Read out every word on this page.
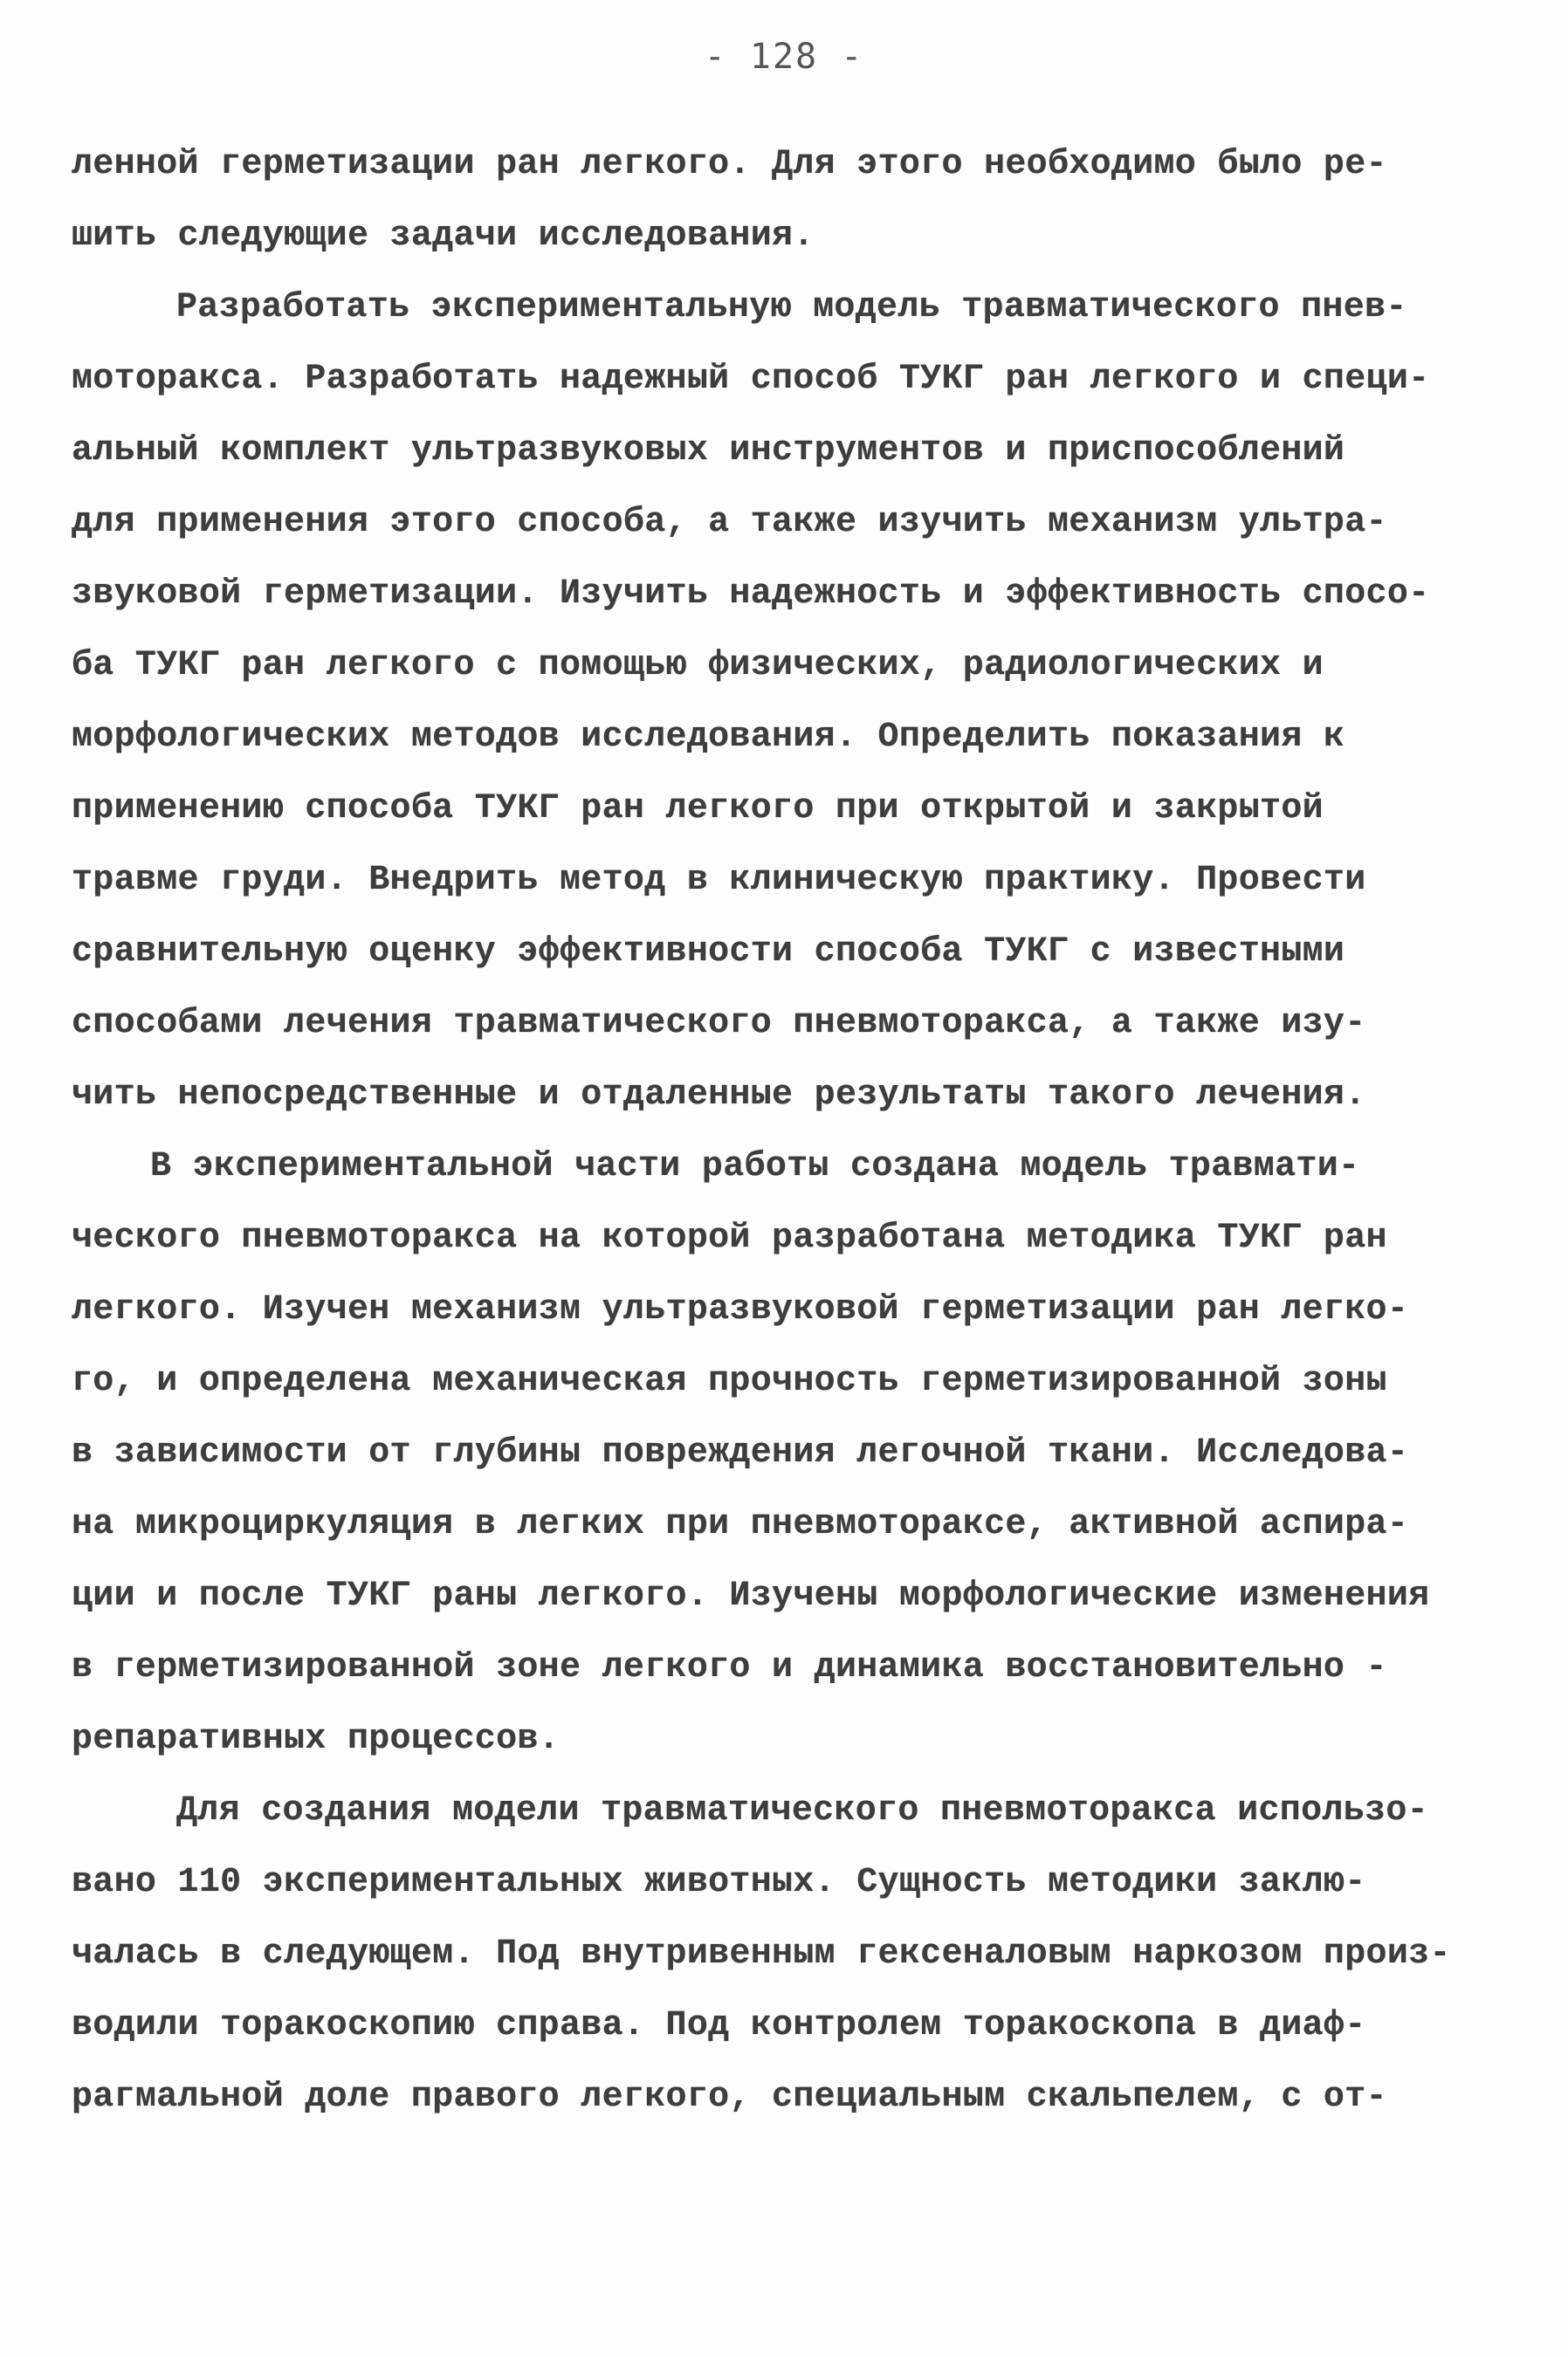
- 128 -
ленной герметизации ран легкого. Для этого необходимо было ре-
шить следующие задачи исследования.
Разработать экспериментальную модель травматического пнев-
моторакса. Разработать надежный способ ТУКГ ран легкого и специ-
альный комплект ультразвуковых инструментов и приспособлений
для применения этого способа, а также изучить механизм ультра-
звуковой герметизации. Изучить надежность и эффективность спосо-
ба ТУКГ ран легкого с помощью физических, радиологических и
морфологических методов исследования. Определить показания к
применению способа ТУКГ ран легкого при открытой и закрытой
травме груди. Внедрить метод в клиническую практику. Провести
сравнительную оценку эффективности способа ТУКГ с известными
способами лечения травматического пневмоторакса, а также изу-
чить непосредственные и отдаленные результаты такого лечения.
В экспериментальной части работы создана модель травмати-
ческого пневмоторакса на которой разработана методика ТУКГ ран
легкого. Изучен механизм ультразвуковой герметизации ран легко-
го, и определена механическая прочность герметизированной зоны
в зависимости от глубины повреждения легочной ткани. Исследова-
на микроциркуляция в легких при пневмотораксе, активной аспира-
ции и после ТУКГ раны легкого. Изучены морфологические изменения
в герметизированной зоне легкого и динамика восстановительно -
репаративных процессов.
Для создания модели травматического пневмоторакса использо-
вано 110 экспериментальных животных. Сущность методики заклю-
чалась в следующем. Под внутривенным гексеналовым наркозом произ-
водили торакоскопию справа. Под контролем торакоскопа в диаф-
рагмальной доле правого легкого, специальным скальпелем, с от-
